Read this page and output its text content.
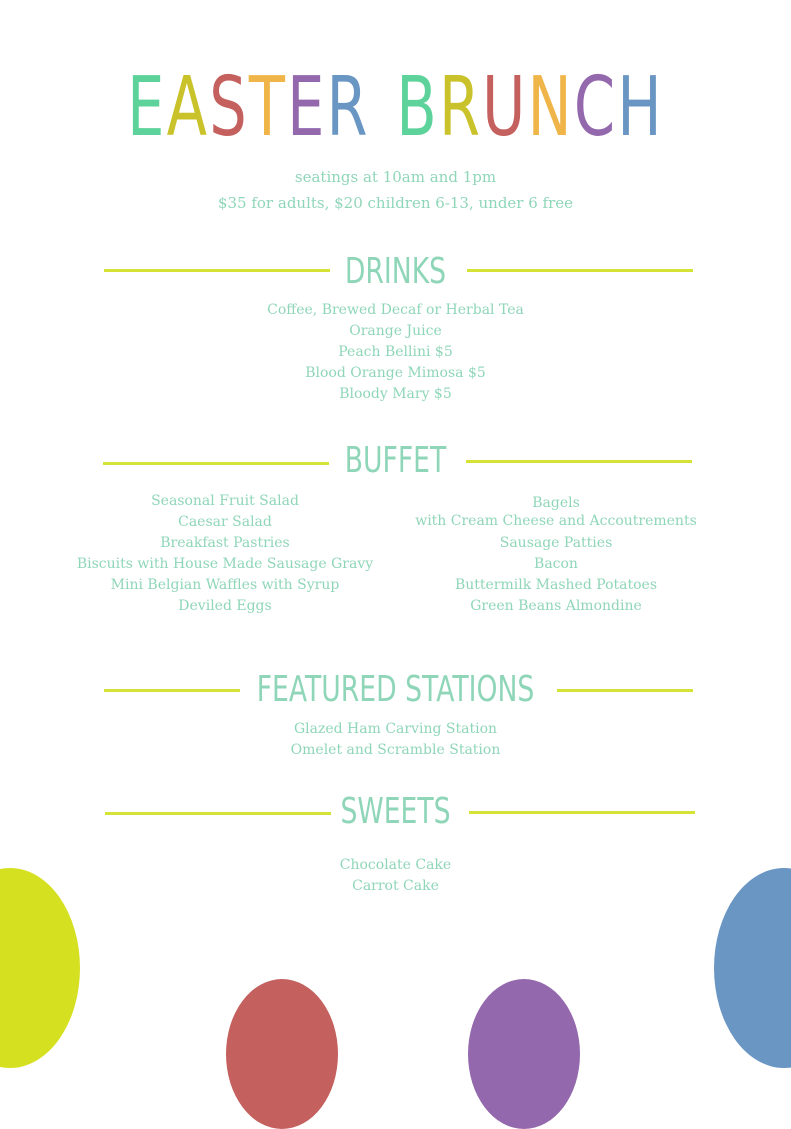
EASTER BRUNCH

seatings at 10am and 1pm

$35 for adults, $20 children 6-13, under 6 free

DRINKS
Coffee, Brewed Decaf or Herbal Tea
Orange Juice
Peach Bellini $5
Blood Orange Mimosa $5
Bloody Mary $5
BUFFET
Seasonal Fruit Salad
Caesar Salad
Breakfast Pastries
Biscuits with House Made Sausage Gravy
Mini Belgian Waffles with Syrup
Deviled Eggs
Bagels
with Cream Cheese and Accoutrements
Sausage Patties
Bacon
Buttermilk Mashed Potatoes
Green Beans Almondine
FEATURED STATIONS
Glazed Ham Carving Station
Omelet and Scramble Station
SWEETS
Chocolate Cake
Carrot Cake
